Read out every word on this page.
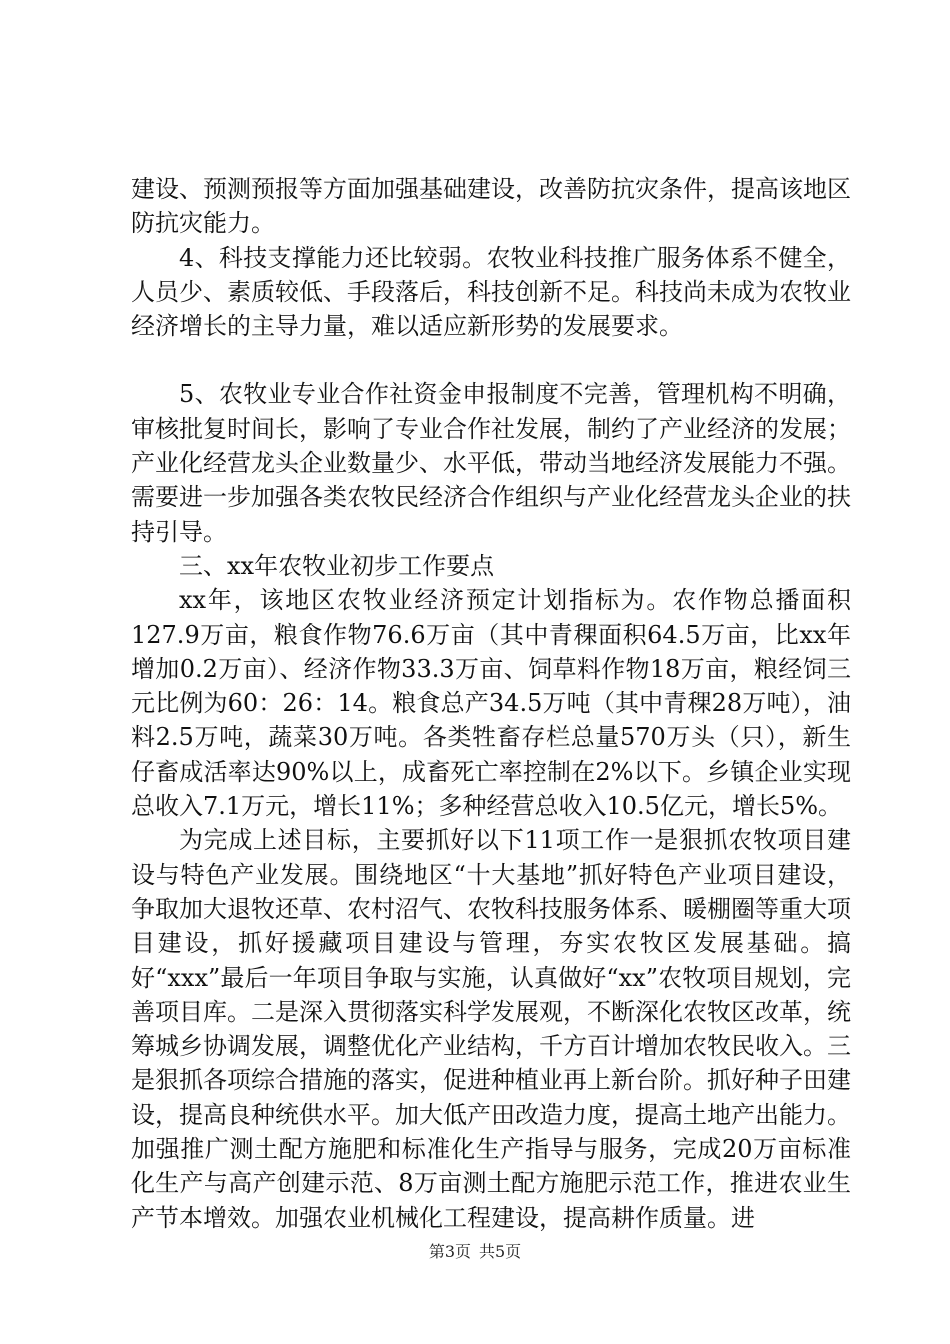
建设、预测预报等方面加强基础建设，改善防抗灾条件，提高该地区防抗灾能力。

4、科技支撑能力还比较弱。农牧业科技推广服务体系不健全，人员少、素质较低、手段落后，科技创新不足。科技尚未成为农牧业经济增长的主导力量，难以适应新形势的发展要求。

5、农牧业专业合作社资金申报制度不完善，管理机构不明确，审核批复时间长，影响了专业合作社发展，制约了产业经济的发展；产业化经营龙头企业数量少、水平低，带动当地经济发展能力不强。需要进一步加强各类农牧民经济合作组织与产业化经营龙头企业的扶持引导。

三、xx年农牧业初步工作要点

xx年，该地区农牧业经济预定计划指标为。农作物总播面积127.9万亩，粮食作物76.6万亩（其中青稞面积64.5万亩，比xx年增加0.2万亩）、经济作物33.3万亩、饲草料作物18万亩，粮经饲三元比例为60：26：14。粮食总产34.5万吨（其中青稞28万吨），油料2.5万吨，蔬菜30万吨。各类牲畜存栏总量570万头（只），新生仔畜成活率达90%以上，成畜死亡率控制在2%以下。乡镇企业实现总收入7.1万元，增长11%；多种经营总收入10.5亿元，增长5%。

为完成上述目标，主要抓好以下11项工作一是狠抓农牧项目建设与特色产业发展。围绕地区“十大基地”抓好特色产业项目建设，争取加大退牧还草、农村沼气、农牧科技服务体系、暖棚圈等重大项目建设，抓好援藏项目建设与管理，夯实农牧区发展基础。搞好“xxx”最后一年项目争取与实施，认真做好“xx”农牧项目规划，完善项目库。二是深入贯彻落实科学发展观，不断深化农牧区改革，统筹城乡协调发展，调整优化产业结构，千方百计增加农牧民收入。三是狠抓各项综合措施的落实，促进种植业再上新台阶。抓好种子田建设，提高良种统供水平。加大低产田改造力度，提高土地产出能力。加强推广测土配方施肥和标准化生产指导与服务，完成20万亩标准化生产与高产创建示范、8万亩测土配方施肥示范工作，推进农业生产节本增效。加强农业机械化工程建设，提高耕作质量。进

第3页 共5页
